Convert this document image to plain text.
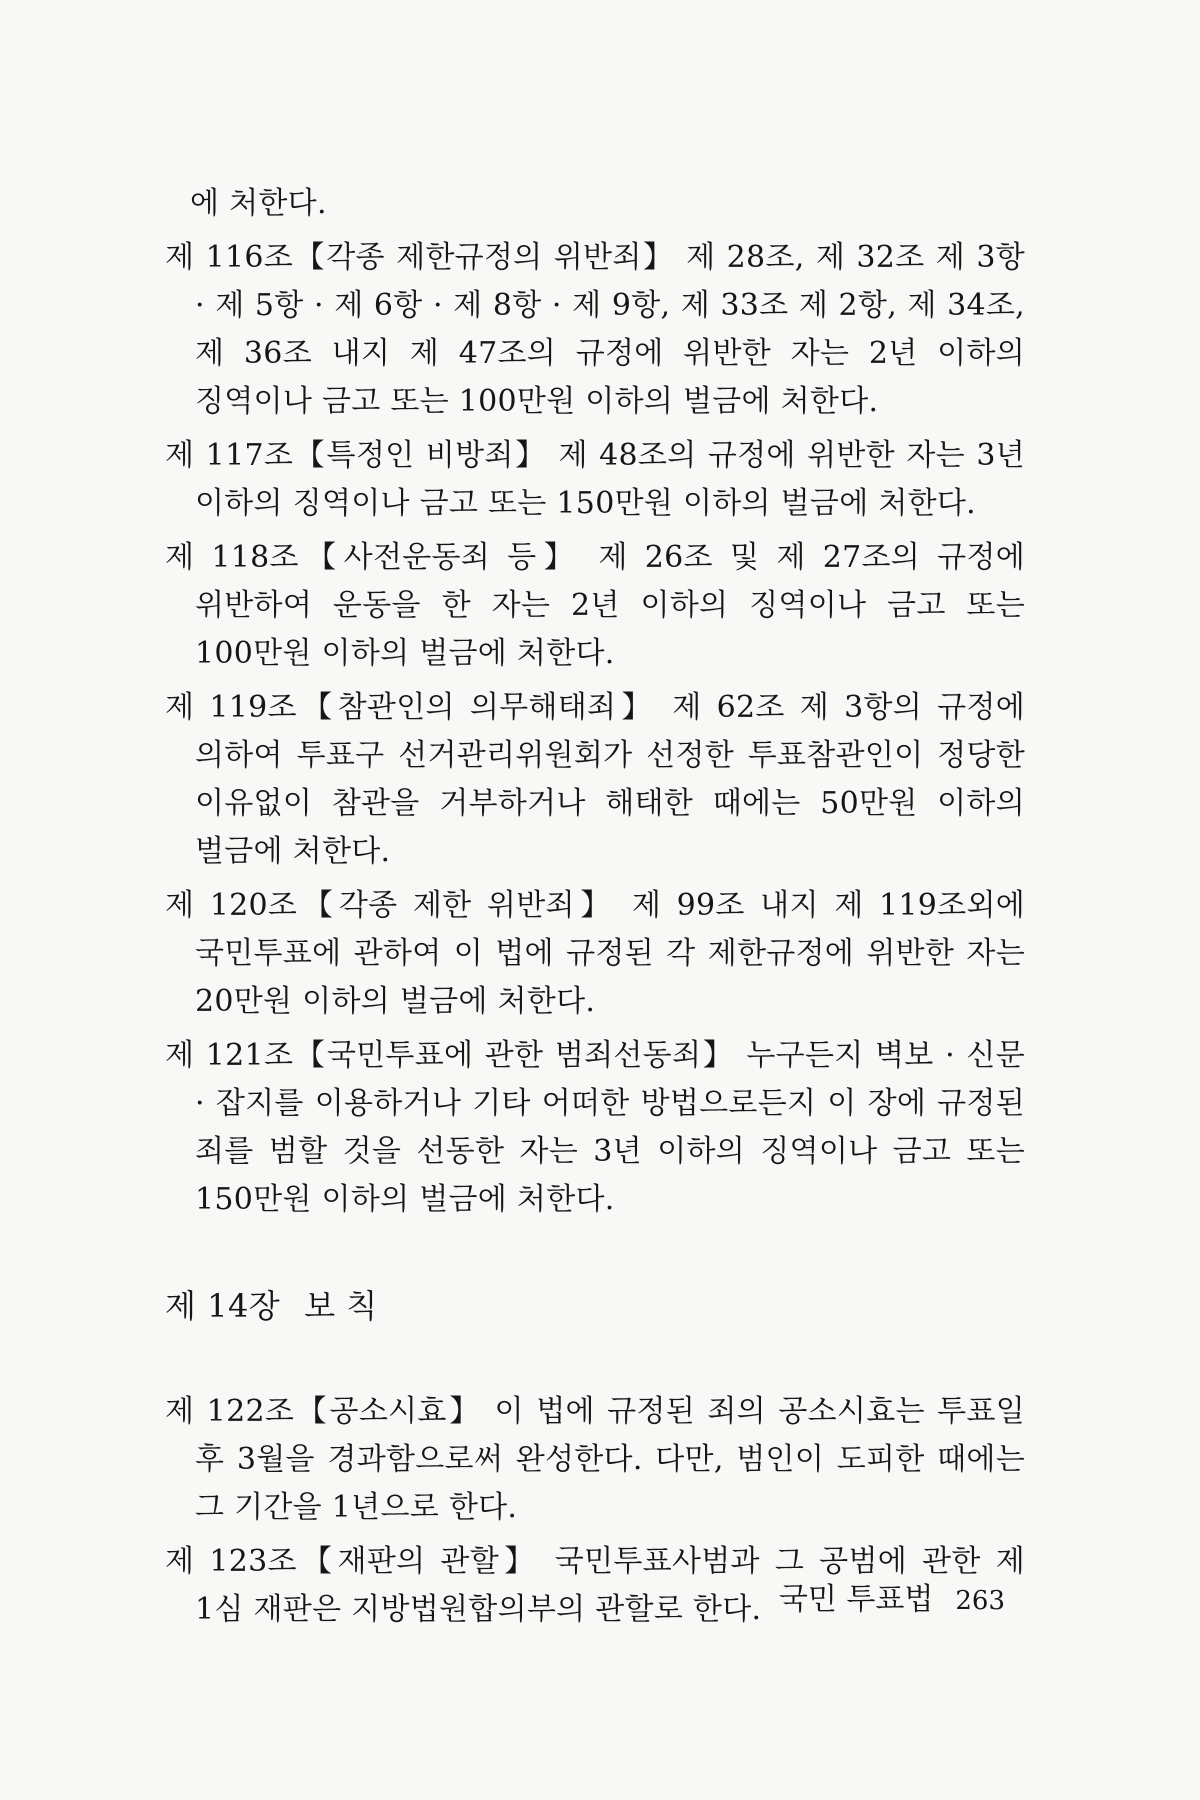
에 처한다.

제 116조【각종 제한규정의 위반죄】 제 28조, 제 32조 제 3항 · 제 5항 · 제 6항 · 제 8항 · 제 9항, 제 33조 제 2항, 제 34조, 제 36조 내지 제 47조의 규정에 위반한 자는 2년 이하의 징역이나 금고 또는 100만원 이하의 벌금에 처한다.

제 117조【특정인 비방죄】 제 48조의 규정에 위반한 자는 3년 이하의 징역이나 금고 또는 150만원 이하의 벌금에 처한다.

제 118조【사전운동죄 등】 제 26조 및 제 27조의 규정에 위반하여 운동을 한 자는 2년 이하의 징역이나 금고 또는 100만원 이하의 벌금에 처한다.

제 119조【참관인의 의무해태죄】 제 62조 제 3항의 규정에 의하여 투표구 선거관리위원회가 선정한 투표참관인이 정당한 이유없이 참관을 거부하거나 해태한 때에는 50만원 이하의 벌금에 처한다.

제 120조【각종 제한 위반죄】 제 99조 내지 제 119조외에 국민투표에 관하여 이 법에 규정된 각 제한규정에 위반한 자는 20만원 이하의 벌금에 처한다.

제 121조【국민투표에 관한 범죄선동죄】 누구든지 벽보 · 신문 · 잡지를 이용하거나 기타 어떠한 방법으로든지 이 장에 규정된 죄를 범할 것을 선동한 자는 3년 이하의 징역이나 금고 또는 150만원 이하의 벌금에 처한다.

제 14장 보 칙

제 122조【공소시효】 이 법에 규정된 죄의 공소시효는 투표일 후 3월을 경과함으로써 완성한다. 다만, 범인이 도피한 때에는 그 기간을 1년으로 한다.

제 123조【재판의 관할】 국민투표사범과 그 공범에 관한 제 1심 재판은 지방법원합의부의 관할로 한다. 국민 투표법 263
